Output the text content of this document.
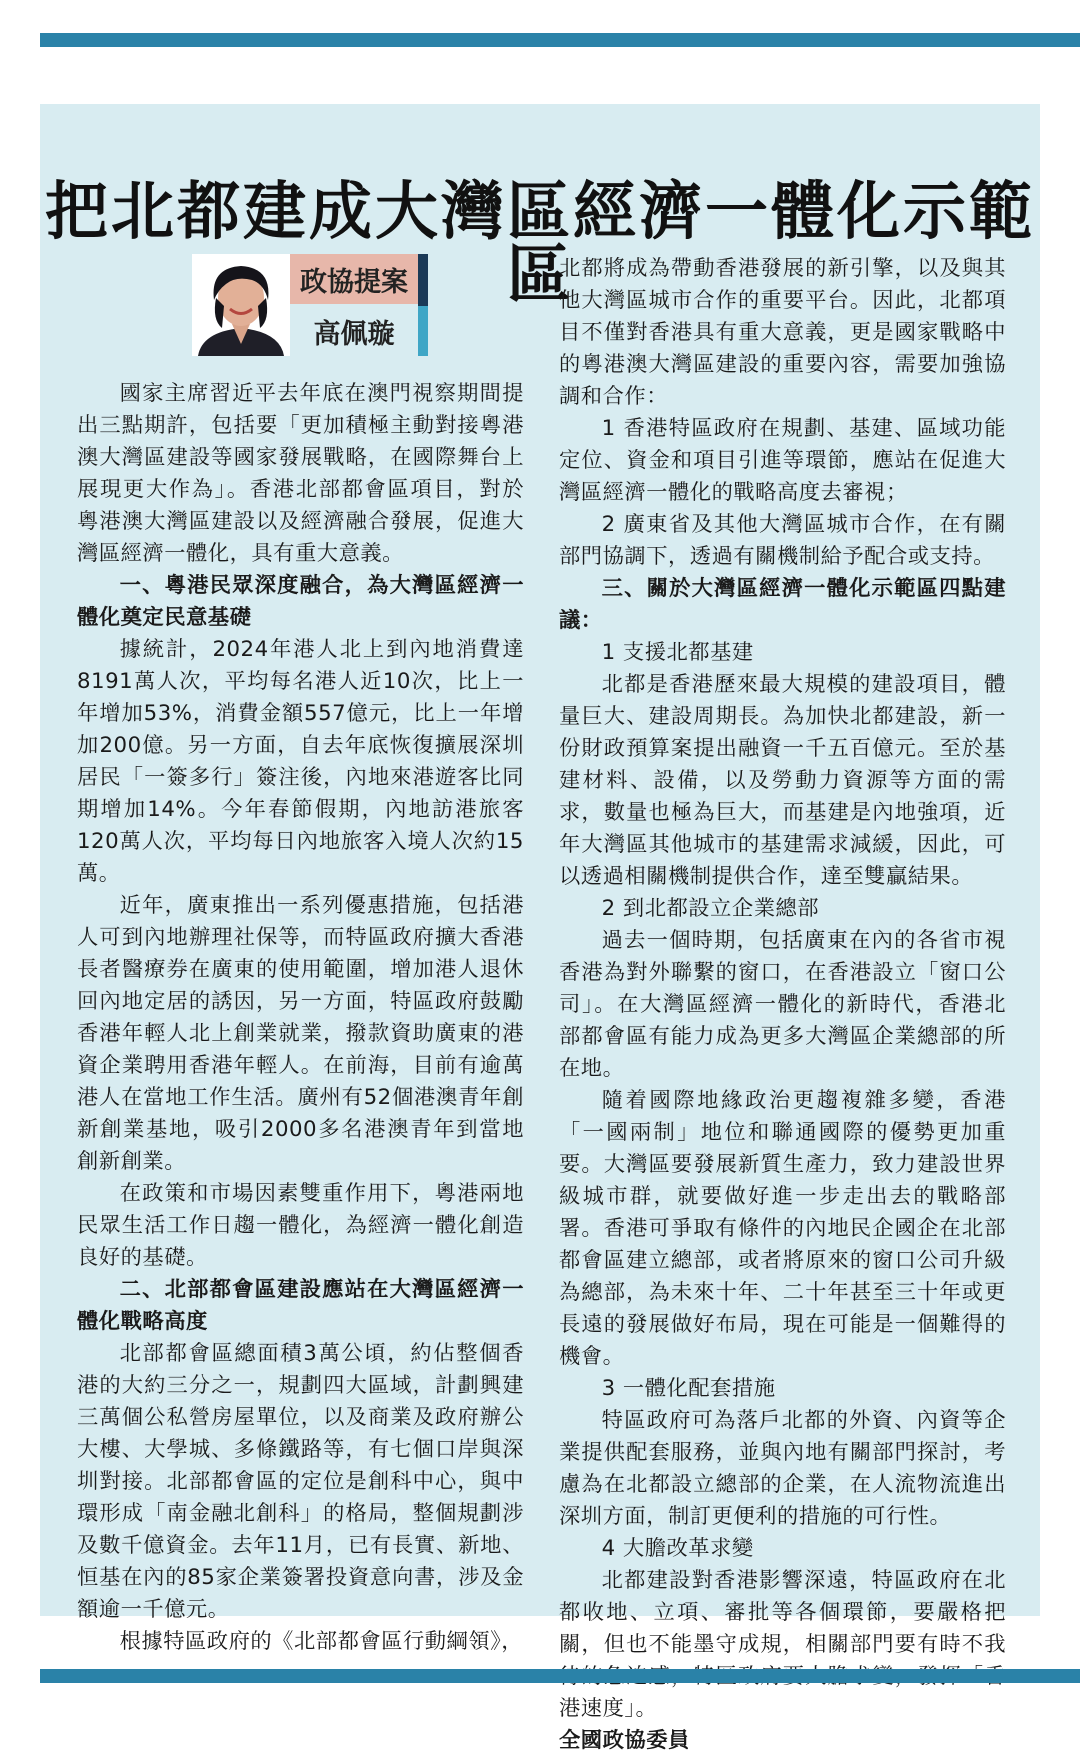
把北都建成大灣區經濟一體化示範區
政協提案
高佩璇

國家主席習近平去年底在澳門視察期間提出三點期許，包括要「更加積極主動對接粵港澳大灣區建設等國家發展戰略，在國際舞台上展現更大作為」。香港北部都會區項目，對於粵港澳大灣區建設以及經濟融合發展，促進大灣區經濟一體化，具有重大意義。

一、粵港民眾深度融合，為大灣區經濟一體化奠定民意基礎

據統計，2024年港人北上到內地消費達8191萬人次，平均每名港人近10次，比上一年增加53%，消費金額557億元，比上一年增加200億。另一方面，自去年底恢復擴展深圳居民「一簽多行」簽注後，內地來港遊客比同期增加14%。今年春節假期，內地訪港旅客120萬人次，平均每日內地旅客入境人次約15萬。

近年，廣東推出一系列優惠措施，包括港人可到內地辦理社保等，而特區政府擴大香港長者醫療券在廣東的使用範圍，增加港人退休回內地定居的誘因，另一方面，特區政府鼓勵香港年輕人北上創業就業，撥款資助廣東的港資企業聘用香港年輕人。在前海，目前有逾萬港人在當地工作生活。廣州有52個港澳青年創新創業基地，吸引2000多名港澳青年到當地創新創業。

在政策和市場因素雙重作用下，粵港兩地民眾生活工作日趨一體化，為經濟一體化創造良好的基礎。

二、北部都會區建設應站在大灣區經濟一體化戰略高度

北部都會區總面積3萬公頃，約佔整個香港的大約三分之一，規劃四大區域，計劃興建三萬個公私營房屋單位，以及商業及政府辦公大樓、大學城、多條鐵路等，有七個口岸與深圳對接。北部都會區的定位是創科中心，與中環形成「南金融北創科」的格局，整個規劃涉及數千億資金。去年11月，已有長實、新地、恒基在內的85家企業簽署投資意向書，涉及金額逾一千億元。

根據特區政府的《北部都會區行動綱領》，

北都將成為帶動香港發展的新引擎，以及與其他大灣區城市合作的重要平台。因此，北都項目不僅對香港具有重大意義，更是國家戰略中的粵港澳大灣區建設的重要內容，需要加強協調和合作：

1 香港特區政府在規劃、基建、區域功能定位、資金和項目引進等環節，應站在促進大灣區經濟一體化的戰略高度去審視；

2 廣東省及其他大灣區城市合作，在有關部門協調下，透過有關機制給予配合或支持。

三、關於大灣區經濟一體化示範區四點建議：

1 支援北都基建

北都是香港歷來最大規模的建設項目，體量巨大、建設周期長。為加快北都建設，新一份財政預算案提出融資一千五百億元。至於基建材料、設備，以及勞動力資源等方面的需求，數量也極為巨大，而基建是內地強項，近年大灣區其他城市的基建需求減緩，因此，可以透過相關機制提供合作，達至雙贏結果。

2 到北都設立企業總部

過去一個時期，包括廣東在內的各省市視香港為對外聯繫的窗口，在香港設立「窗口公司」。在大灣區經濟一體化的新時代，香港北部都會區有能力成為更多大灣區企業總部的所在地。

隨着國際地緣政治更趨複雜多變，香港「一國兩制」地位和聯通國際的優勢更加重要。大灣區要發展新質生產力，致力建設世界級城市群，就要做好進一步走出去的戰略部署。香港可爭取有條件的內地民企國企在北部都會區建立總部，或者將原來的窗口公司升級為總部，為未來十年、二十年甚至三十年或更長遠的發展做好布局，現在可能是一個難得的機會。

3 一體化配套措施

特區政府可為落戶北都的外資、內資等企業提供配套服務，並與內地有關部門探討，考慮為在北都設立總部的企業，在人流物流進出深圳方面，制訂更便利的措施的可行性。

4 大膽改革求變

北都建設對香港影響深遠，特區政府在北都收地、立項、審批等各個環節，要嚴格把關，但也不能墨守成規，相關部門要有時不我 港速度」。

全國政協委員
